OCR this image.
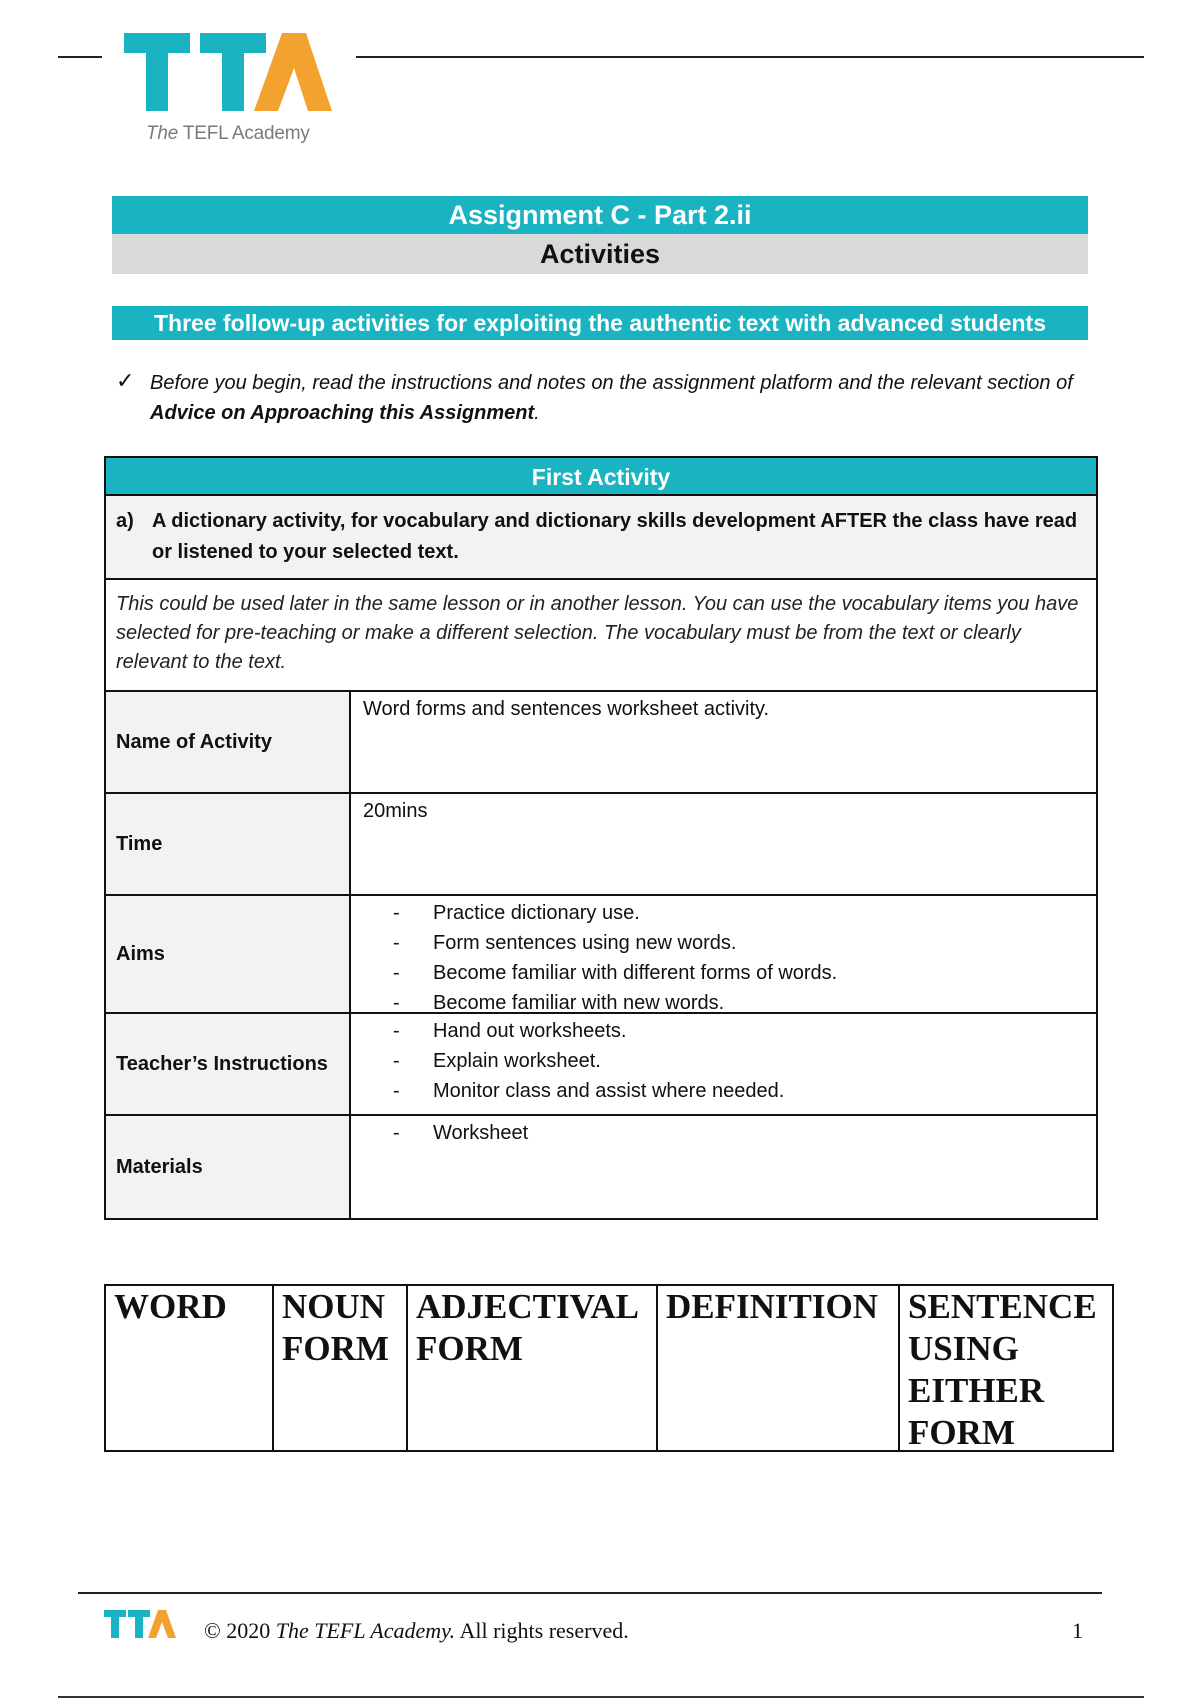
The TEFL Academy
Assignment C - Part 2.ii
Activities
Three follow-up activities for exploiting the authentic text with advanced students
✓ Before you begin, read the instructions and notes on the assignment platform and the relevant section of Advice on Approaching this Assignment.
First Activity
a) A dictionary activity, for vocabulary and dictionary skills development AFTER the class have read or listened to your selected text.
This could be used later in the same lesson or in another lesson. You can use the vocabulary items you have selected for pre-teaching or make a different selection. The vocabulary must be from the text or clearly relevant to the text.
Name of Activity
Word forms and sentences worksheet activity.
Time
20mins
Aims
- Practice dictionary use.
- Form sentences using new words.
- Become familiar with different forms of words.
- Become familiar with new words.
Teacher’s Instructions
- Hand out worksheets.
- Explain worksheet.
- Monitor class and assist where needed.
Materials
- Worksheet
WORD	NOUN FORM
ADJECTIVAL FORM
DEFINITION SENTENCE USING EITHER FORM
© 2020 The TEFL Academy. All rights reserved.	1
